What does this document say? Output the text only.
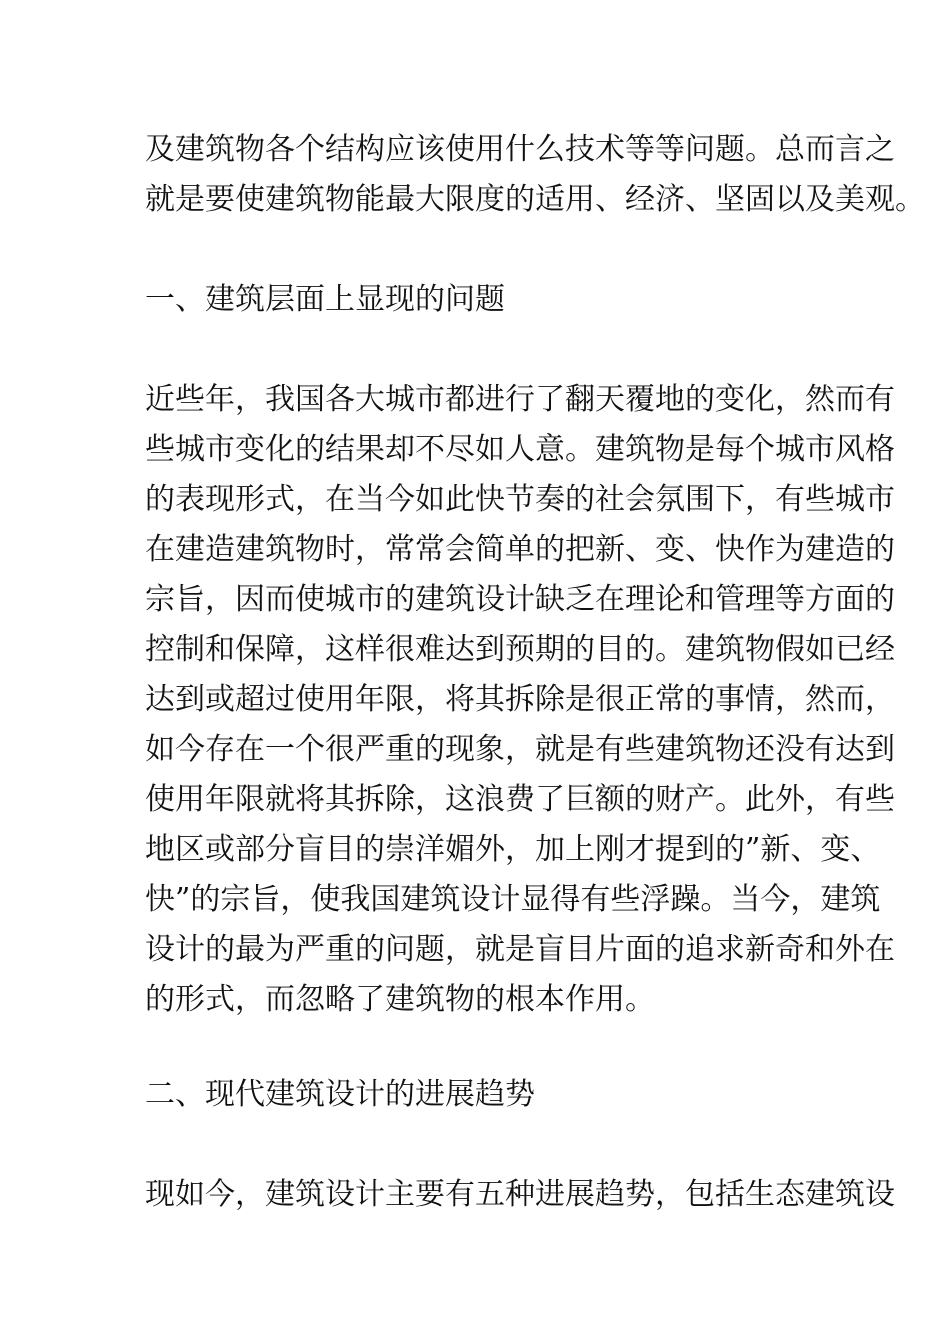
及建筑物各个结构应该使用什么技术等等问题。总而言之
就是要使建筑物能最大限度的适用、经济、坚固以及美观。
一、建筑层面上显现的问题
近些年，我国各大城市都进行了翻天覆地的变化，然而有
些城市变化的结果却不尽如人意。建筑物是每个城市风格
的表现形式，在当今如此快节奏的社会氛围下，有些城市
在建造建筑物时，常常会简单的把新、变、快作为建造的
宗旨，因而使城市的建筑设计缺乏在理论和管理等方面的
控制和保障，这样很难达到预期的目的。建筑物假如已经
达到或超过使用年限，将其拆除是很正常的事情，然而，
如今存在一个很严重的现象，就是有些建筑物还没有达到
使用年限就将其拆除，这浪费了巨额的财产。此外，有些
地区或部分盲目的崇洋媚外，加上刚才提到的”新、变、
快”的宗旨，使我国建筑设计显得有些浮躁。当今，建筑
设计的最为严重的问题，就是盲目片面的追求新奇和外在
的形式，而忽略了建筑物的根本作用。
二、现代建筑设计的进展趋势
现如今，建筑设计主要有五种进展趋势，包括生态建筑设
